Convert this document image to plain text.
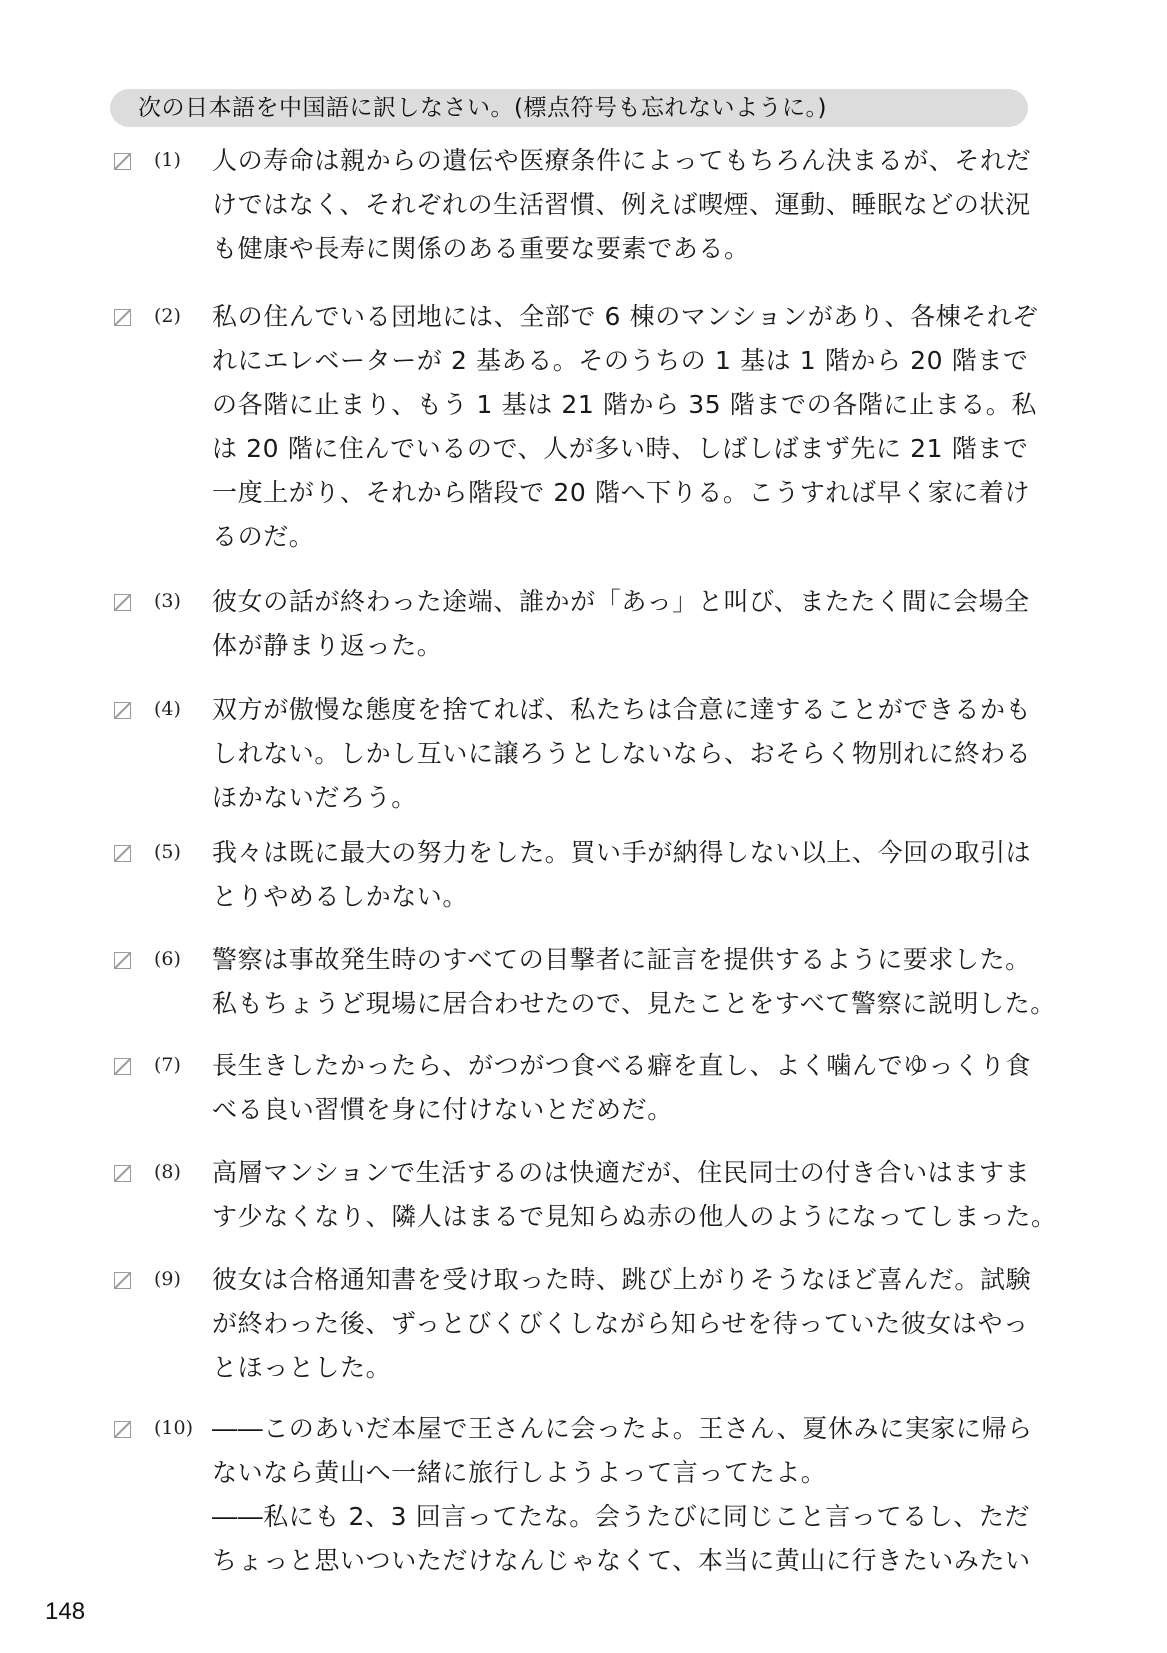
次の日本語を中国語に訳しなさい。(標点符号も忘れないように。)
(1) 人の寿命は親からの遺伝や医療条件によってもちろん決まるが、それだ
けではなく、それぞれの生活習慣、例えば喫煙、運動、睡眠などの状況
も健康や長寿に関係のある重要な要素である。
(2) 私の住んでいる団地には、全部で 6 棟のマンションがあり、各棟それぞ
れにエレベーターが 2 基ある。そのうちの 1 基は 1 階から 20 階まで
の各階に止まり、もう 1 基は 21 階から 35 階までの各階に止まる。私
は 20 階に住んでいるので、人が多い時、しばしばまず先に 21 階まで
一度上がり、それから階段で 20 階へ下りる。こうすれば早く家に着け
るのだ。
(3) 彼女の話が終わった途端、誰かが「あっ」と叫び、またたく間に会場全
体が静まり返った。
(4) 双方が傲慢な態度を捨てれば、私たちは合意に達することができるかも
しれない。しかし互いに譲ろうとしないなら、おそらく物別れに終わる
ほかないだろう。
(5) 我々は既に最大の努力をした。買い手が納得しない以上、今回の取引は
とりやめるしかない。
(6) 警察は事故発生時のすべての目撃者に証言を提供するように要求した。
私もちょうど現場に居合わせたので、見たことをすべて警察に説明した。
(7) 長生きしたかったら、がつがつ食べる癖を直し、よく噛んでゆっくり食
べる良い習慣を身に付けないとだめだ。
(8) 高層マンションで生活するのは快適だが、住民同士の付き合いはますま
す少なくなり、隣人はまるで見知らぬ赤の他人のようになってしまった。
(9) 彼女は合格通知書を受け取った時、跳び上がりそうなほど喜んだ。試験
が終わった後、ずっとびくびくしながら知らせを待っていた彼女はやっ
とほっとした。
(10) ――このあいだ本屋で王さんに会ったよ。王さん、夏休みに実家に帰ら
ないなら黄山へ一緒に旅行しようよって言ってたよ。
――私にも 2、3 回言ってたな。会うたびに同じこと言ってるし、ただ
ちょっと思いついただけなんじゃなくて、本当に黄山に行きたいみたい
148
